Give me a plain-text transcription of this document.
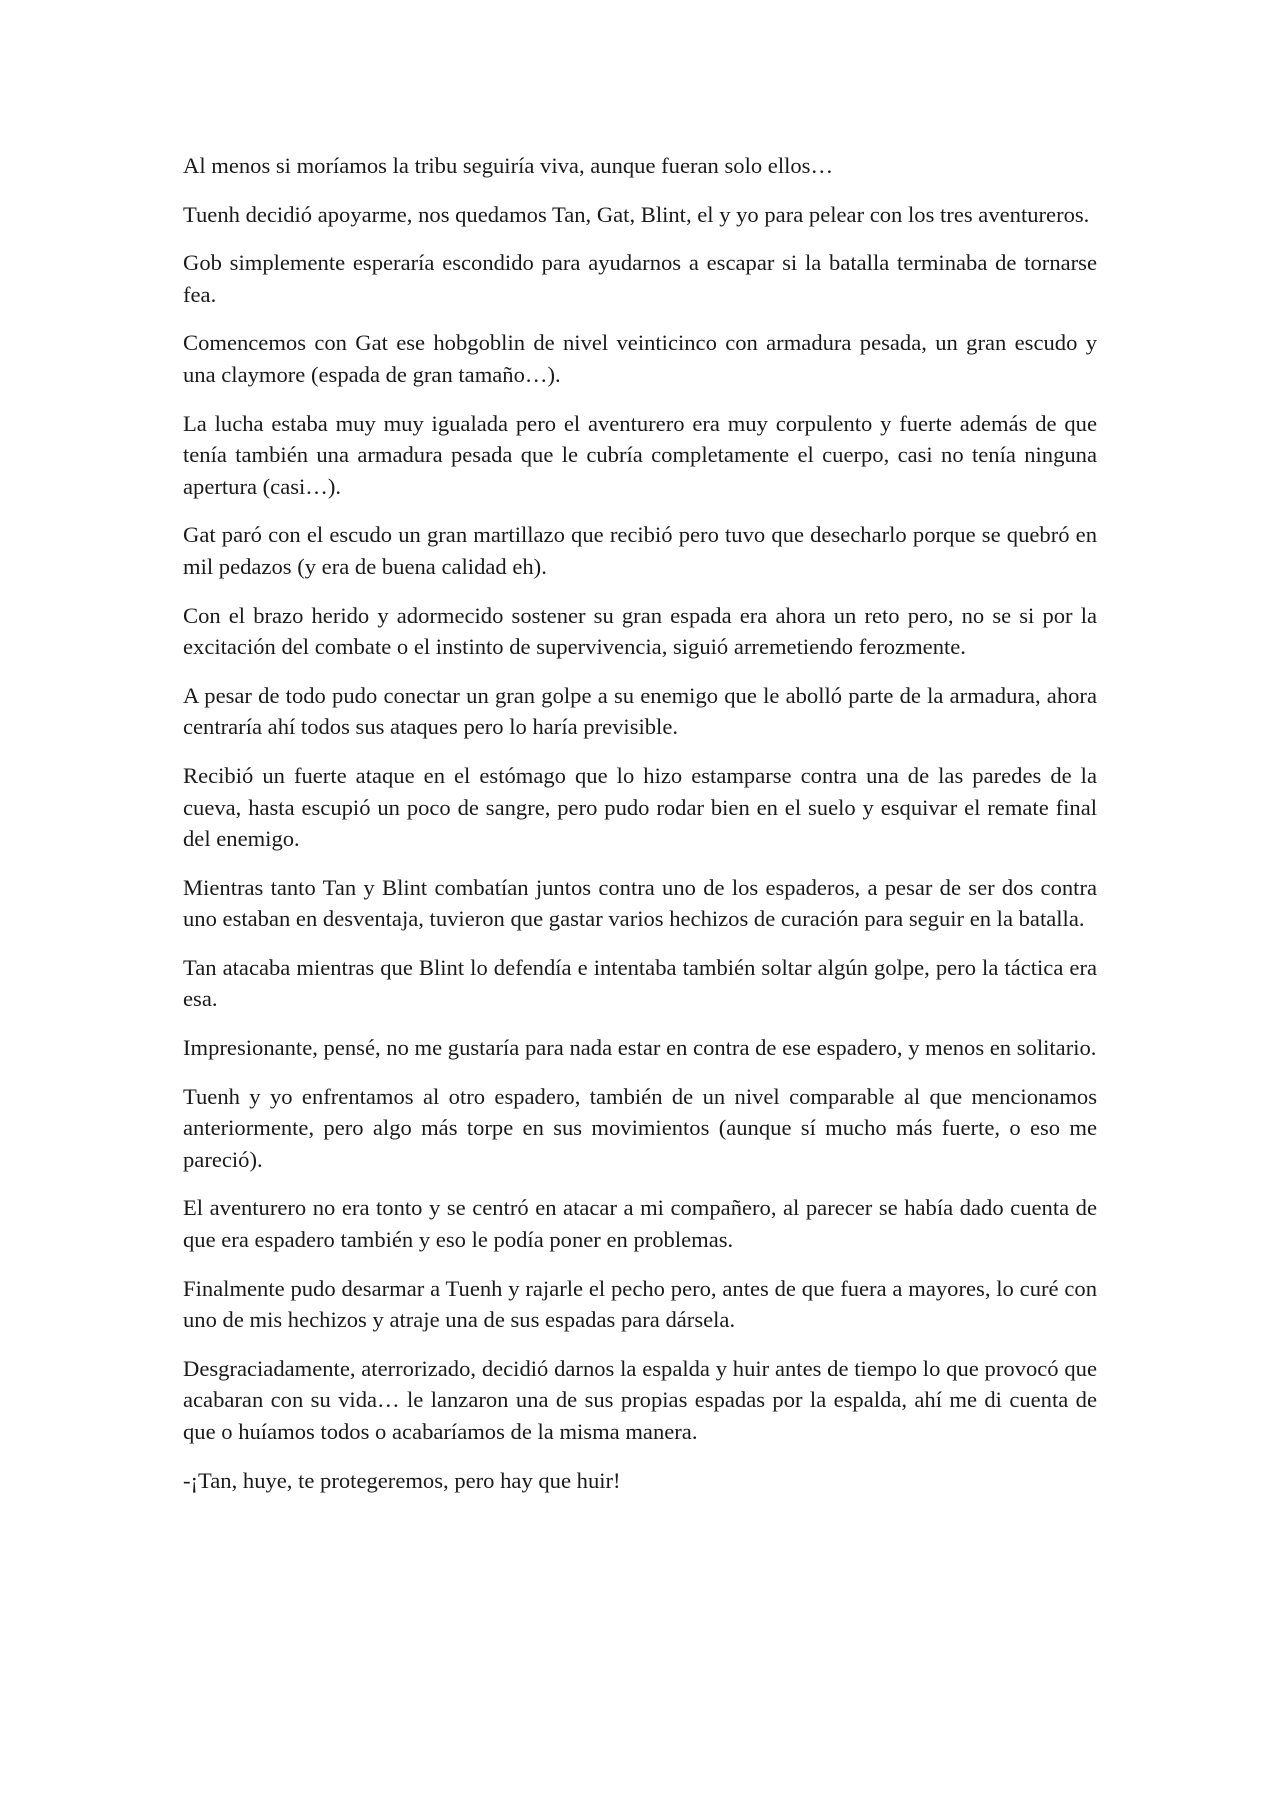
Al menos si moríamos la tribu seguiría viva, aunque fueran solo ellos…

Tuenh decidió apoyarme, nos quedamos Tan, Gat, Blint, el y yo para pelear con los tres aventureros.

Gob simplemente esperaría escondido para ayudarnos a escapar si la batalla terminaba de tornarse fea.

Comencemos con Gat ese hobgoblin de nivel veinticinco con armadura pesada, un gran escudo y una claymore (espada de gran tamaño…).

La lucha estaba muy muy igualada pero el aventurero era muy corpulento y fuerte además de que tenía también una armadura pesada que le cubría completamente el cuerpo, casi no tenía ninguna apertura (casi…).

Gat paró con el escudo un gran martillazo que recibió pero tuvo que desecharlo porque se quebró en mil pedazos (y era de buena calidad eh).

Con el brazo herido y adormecido sostener su gran espada era ahora un reto pero, no se si por la excitación del combate o el instinto de supervivencia, siguió arremetiendo ferozmente.

A pesar de todo pudo conectar un gran golpe a su enemigo que le abolló parte de la armadura, ahora centraría ahí todos sus ataques pero lo haría previsible.

Recibió un fuerte ataque en el estómago que lo hizo estamparse contra una de las paredes de la cueva, hasta escupió un poco de sangre, pero pudo rodar bien en el suelo y esquivar el remate final del enemigo.

Mientras tanto Tan y Blint combatían juntos contra uno de los espaderos, a pesar de ser dos contra uno estaban en desventaja, tuvieron que gastar varios hechizos de curación para seguir en la batalla.

Tan atacaba mientras que Blint lo defendía e intentaba también soltar algún golpe, pero la táctica era esa.

Impresionante, pensé, no me gustaría para nada estar en contra de ese espadero, y menos en solitario.

Tuenh y yo enfrentamos al otro espadero, también de un nivel comparable al que mencionamos anteriormente, pero algo más torpe en sus movimientos (aunque sí mucho más fuerte, o eso me pareció).

El aventurero no era tonto y se centró en atacar a mi compañero, al parecer se había dado cuenta de que era espadero también y eso le podía poner en problemas.

Finalmente pudo desarmar a Tuenh y rajarle el pecho pero, antes de que fuera a mayores, lo curé con uno de mis hechizos y atraje una de sus espadas para dársela.

Desgraciadamente, aterrorizado, decidió darnos la espalda y huir antes de tiempo lo que provocó que acabaran con su vida… le lanzaron una de sus propias espadas por la espalda, ahí me di cuenta de que o huíamos todos o acabaríamos de la misma manera.

-¡Tan, huye, te protegeremos, pero hay que huir!
